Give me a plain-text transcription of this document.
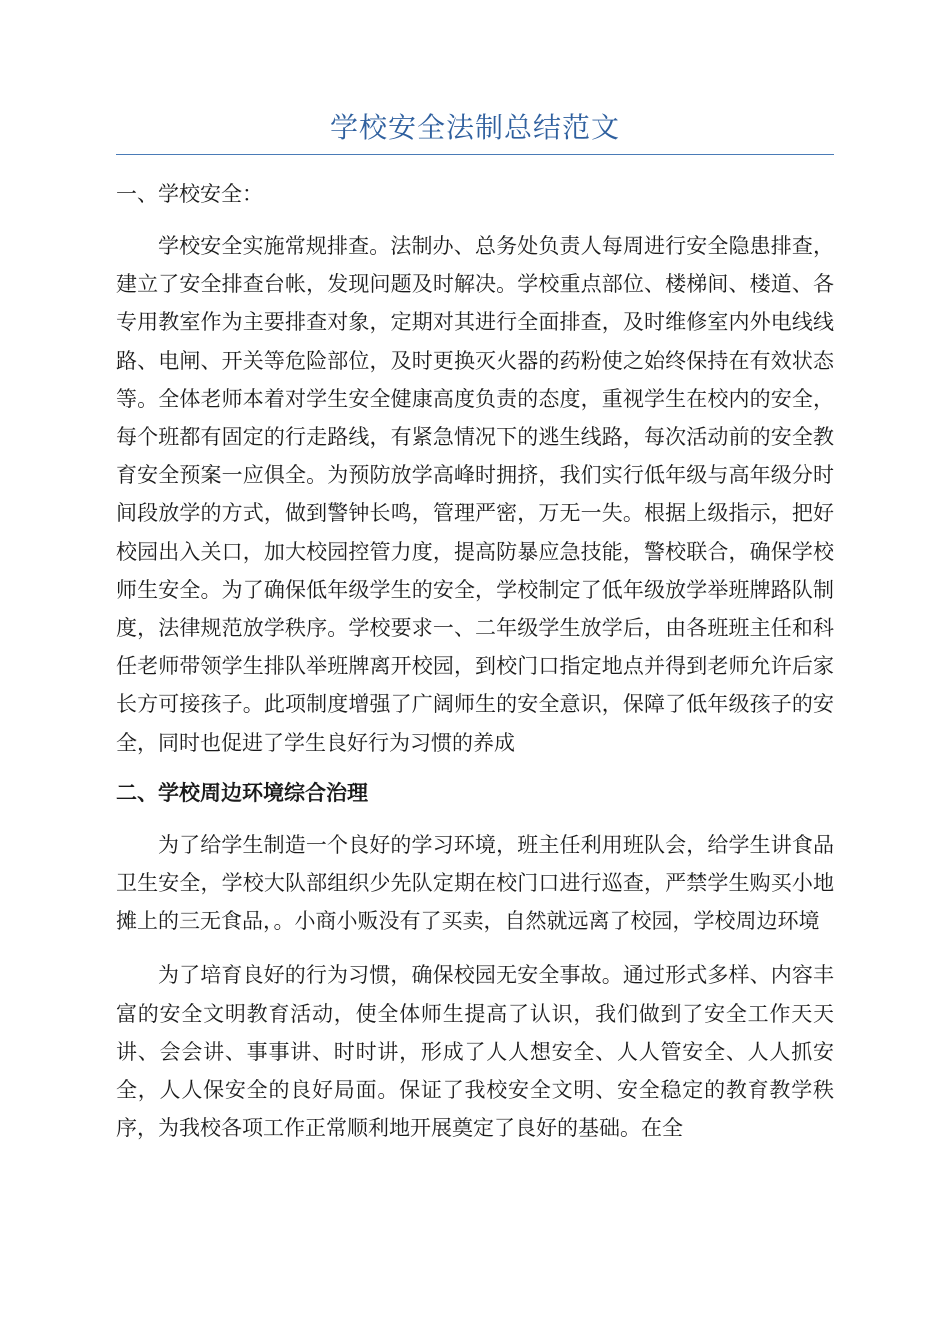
学校安全法制总结范文
一、学校安全：

学校安全实施常规排查。法制办、总务处负责人每周进行安全隐患排查，建立了安全排查台帐，发现问题及时解决。学校重点部位、楼梯间、楼道、各专用教室作为主要排查对象，定期对其进行全面排查，及时维修室内外电线线路、电闸、开关等危险部位，及时更换灭火器的药粉使之始终保持在有效状态等。全体老师本着对学生安全健康高度负责的态度，重视学生在校内的安全，每个班都有固定的行走路线，有紧急情况下的逃生线路，每次活动前的安全教育安全预案一应俱全。为预防放学高峰时拥挤，我们实行低年级与高年级分时间段放学的方式，做到警钟长鸣，管理严密，万无一失。根据上级指示，把好校园出入关口，加大校园控管力度，提高防暴应急技能，警校联合，确保学校师生安全。为了确保低年级学生的安全，学校制定了低年级放学举班牌路队制度，法律规范放学秩序。学校要求一、二年级学生放学后，由各班班主任和科任老师带领学生排队举班牌离开校园，到校门口指定地点并得到老师允许后家长方可接孩子。此项制度增强了广阔师生的安全意识，保障了低年级孩子的安全，同时也促进了学生良好行为习惯的养成

二、学校周边环境综合治理

为了给学生制造一个良好的学习环境，班主任利用班队会，给学生讲食品卫生安全，学校大队部组织少先队定期在校门口进行巡查，严禁学生购买小地摊上的三无食品，。小商小贩没有了买卖，自然就远离了校园，学校周边环境

为了培育良好的行为习惯，确保校园无安全事故。通过形式多样、内容丰富的安全文明教育活动，使全体师生提高了认识，我们做到了安全工作天天讲、会会讲、事事讲、时时讲，形成了人人想安全、人人管安全、人人抓安全，人人保安全的良好局面。保证了我校安全文明、安全稳定的教育教学秩序，为我校各项工作正常顺利地开展奠定了良好的基础。在全
